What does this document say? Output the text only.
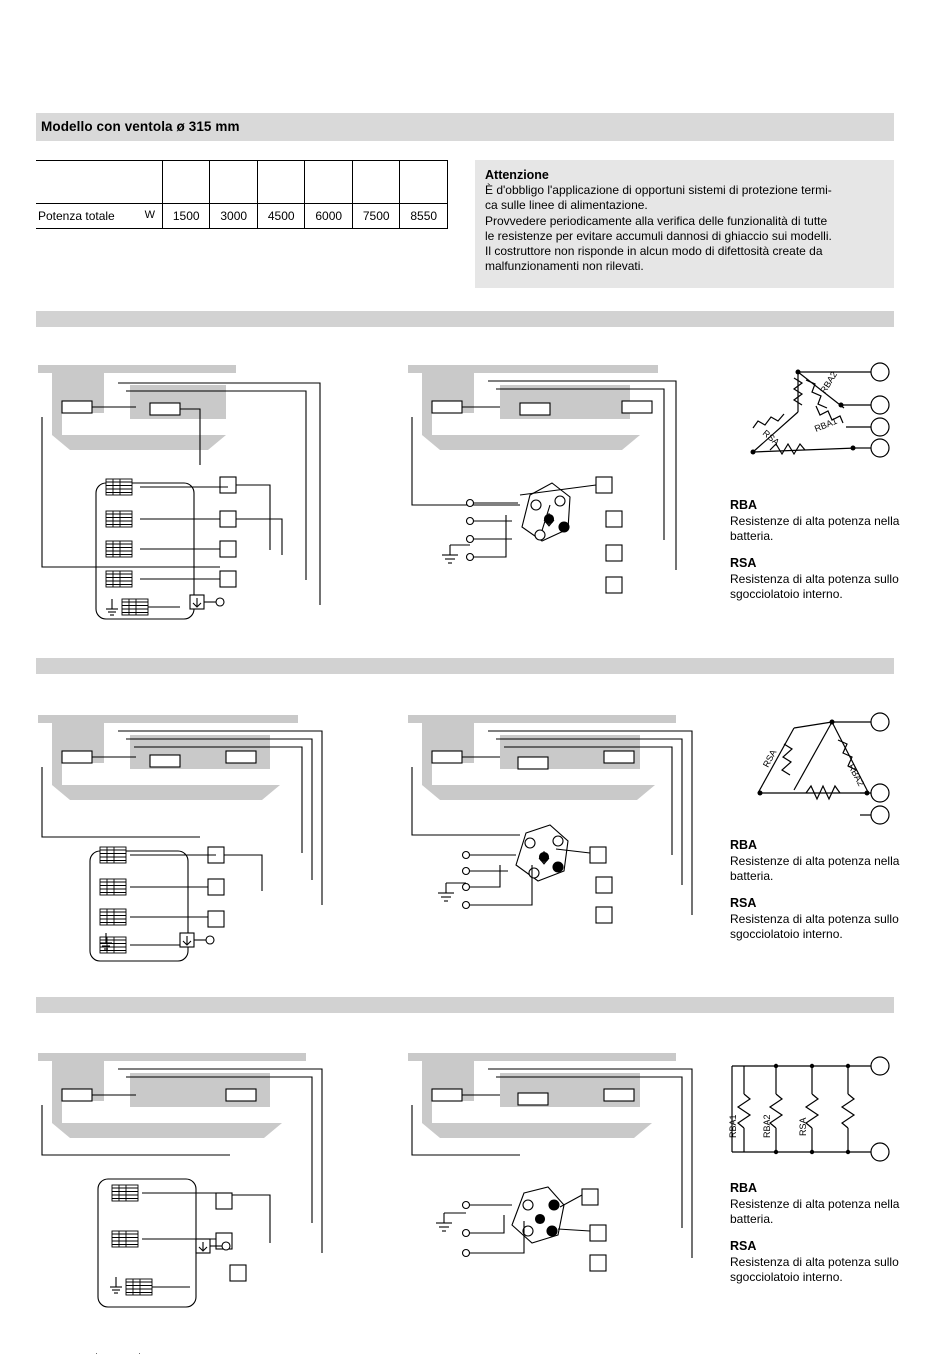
Modello con ventola ø 315 mm

Potenza totale W	1500	3000	4500	6000	7500	8550
Attenzione

È d'obbligo l'applicazione di opportuni sistemi di protezione termi-

ca sulle linee di alimentazione.

Provvedere periodicamente alla verifica delle funzionalità di tutte

le resistenze per evitare accumuli dannosi di ghiaccio sui modelli.

Il costruttore non risponde in alcun modo di difettosità create da

malfunzionamenti non rilevati.

RBA2
RSA
RBA1
RBA
Resistenze di alta potenza nella batteria.
RSA
Resistenza di alta potenza sullo sgocciolatoio interno.
RSA
RBA2
RBA
Resistenze di alta potenza nella batteria.
RSA
Resistenza di alta potenza sullo sgocciolatoio interno.
RBA1	RBA2	RSA
RBA
Resistenze di alta potenza nella batteria.
RSA
Resistenza di alta potenza sullo sgocciolatoio interno.
··
